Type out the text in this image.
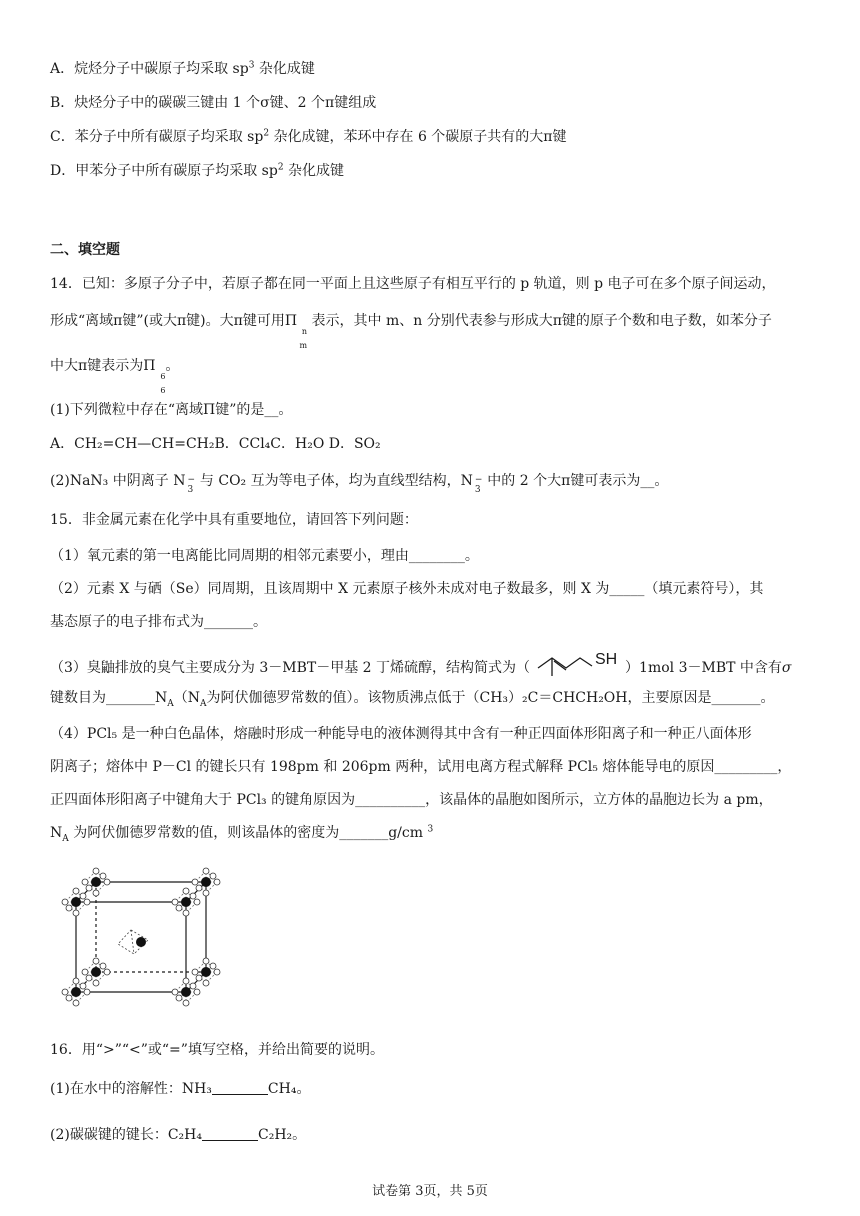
A．烷烃分子中碳原子均采取 $sp^3$ 杂化成键
B．炔烃分子中的碳碳三键由 1 个σ键、2 个π键组成
C．苯分子中所有碳原子均采取 $sp^2$ 杂化成键，苯环中存在 6 个碳原子共有的大π键
D．甲苯分子中所有碳原子均采取 $sp^2$ 杂化成键
二、填空题
14．已知：多原子分子中，若原子都在同一平面上且这些原子有相互平行的 p 轨道，则 p 电子可在多个原子间运动，
形成“离域π键”(或大π键)。大π键可用Π
n
m
表示，其中 m、n 分别代表参与形成大π键的原子个数和电子数，如苯分子
中大π键表示为Π
6
6
。
(1)下列微粒中存在“离域Π键”的是__。
A．CH₂=CH—CH=CH₂B．CCl₄C．H₂O D．SO₂
(2)NaN₃ 中阴离子 N −
3
与 CO₂ 互为等电子体，均为直线型结构，N −
3
中的 2 个大π键可表示为__。
15．非金属元素在化学中具有重要地位，请回答下列问题：
（1）氧元素的第一电离能比同周期的相邻元素要小，理由________。
（2）元素 X 与硒（Se）同周期，且该周期中 X 元素原子核外未成对电子数最多，则 X 为_____（填元素符号），其
基态原子的电子排布式为_______。
（3）臭鼬排放的臭气主要成分为 3－MBT－甲基 2 丁烯硫醇，结构简式为（	SH ）1mol 3－MBT 中含有σ
键数目为$\_\_\_\_\_\_\_N_A(N_A$为阿伏伽德罗常数的值）。该物质沸点低于（CH₃）₂C＝CHCH₂OH，主要原因是_______。
（4）PCl₅ 是一种白色晶体，熔融时形成一种能导电的液体测得其中含有一种正四面体形阳离子和一种正八面体形
阴离子；熔体中 P－Cl 的键长只有 198pm 和 206pm 两种，试用电离方程式解释 PCl₅ 熔体能导电的原因_________，
正四面体形阳离子中键角大于 PCl₃ 的键角原因为__________，该晶体的晶胞如图所示，立方体的晶胞边长为 a pm，
$N_A$ 为阿伏伽德罗常数的值，则该晶体的密度为_______g/cm $^3$
16．用“>”“<”或“=”填写空格，并给出简要的说明。
(1)在水中的溶解性：NH₃	CH₄。
(2)碳碳键的键长：C₂H₄	C₂H₂。
试卷第 3页，共 5页
